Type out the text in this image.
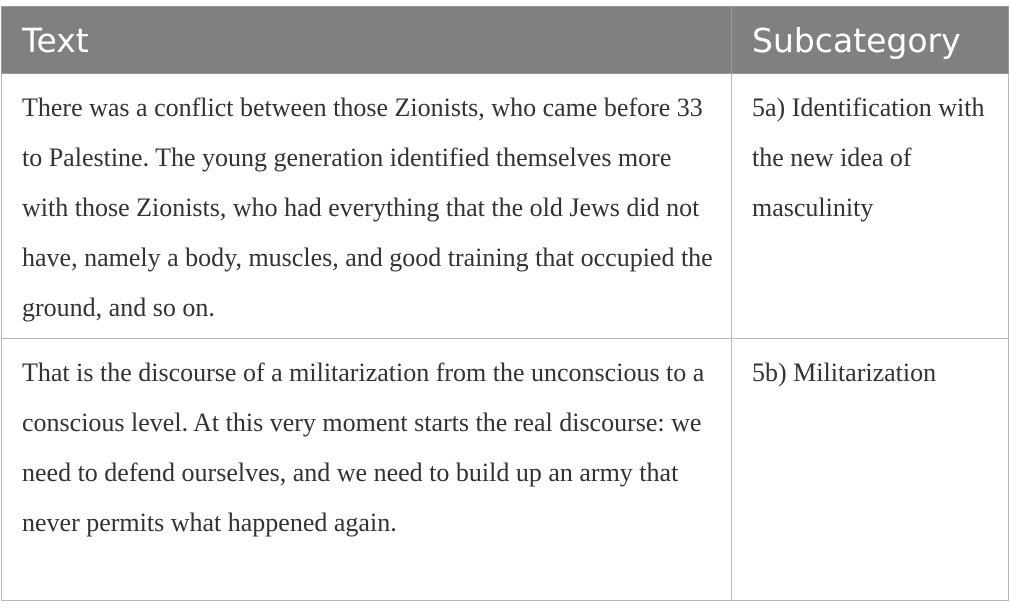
Text	Subcategory
There was a conflict between those Zionists, who came before 33 to Palestine. The young generation identified themselves more with those Zionists, who had everything that the old Jews did not have, namely a body, muscles, and good training that occupied the ground, and so on.	5a) Identification with the new idea of masculinity
That is the discourse of a militarization from the unconscious to a conscious level. At this very moment starts the real discourse: we need to defend ourselves, and we need to build up an army that never permits what happened again.	5b) Militarization
